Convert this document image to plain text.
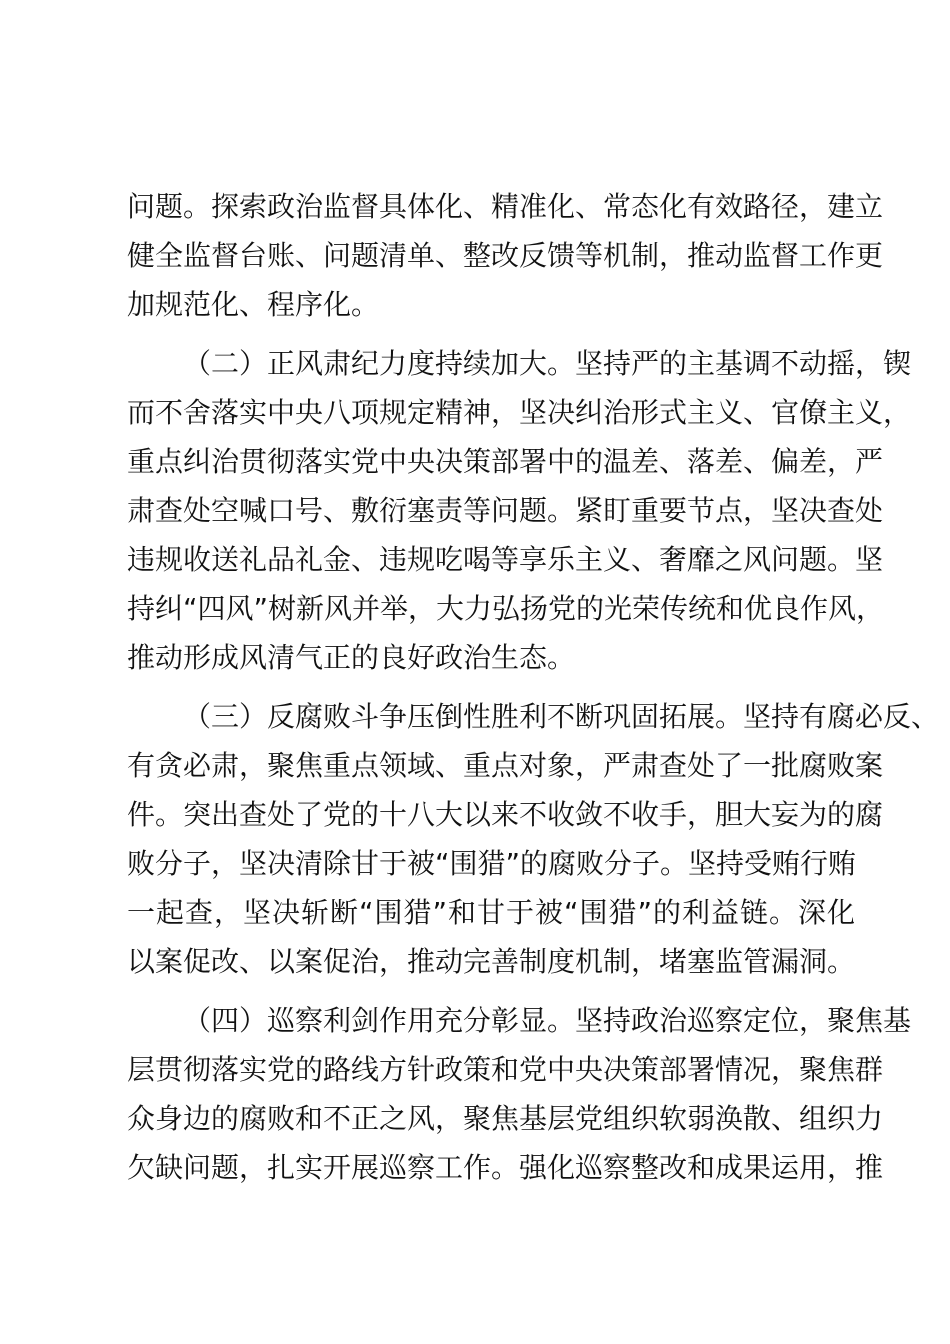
问题。探索政治监督具体化、精准化、常态化有效路径，建立
健全监督台账、问题清单、整改反馈等机制，推动监督工作更
加规范化、程序化。
（二）正风肃纪力度持续加大。坚持严的主基调不动摇，锲
而不舍落实中央八项规定精神，坚决纠治形式主义、官僚主义，
重点纠治贯彻落实党中央决策部署中的温差、落差、偏差，严
肃查处空喊口号、敷衍塞责等问题。紧盯重要节点，坚决查处
违规收送礼品礼金、违规吃喝等享乐主义、奢靡之风问题。坚
持纠“四风”树新风并举，大力弘扬党的光荣传统和优良作风，
推动形成风清气正的良好政治生态。
（三）反腐败斗争压倒性胜利不断巩固拓展。坚持有腐必反、
有贪必肃，聚焦重点领域、重点对象，严肃查处了一批腐败案
件。突出查处了党的十八大以来不收敛不收手，胆大妄为的腐
败分子，坚决清除甘于被“围猎”的腐败分子。坚持受贿行贿
一起查，坚决斩断“围猎”和甘于被“围猎”的利益链。深化
以案促改、以案促治，推动完善制度机制，堵塞监管漏洞。
（四）巡察利剑作用充分彰显。坚持政治巡察定位，聚焦基
层贯彻落实党的路线方针政策和党中央决策部署情况，聚焦群
众身边的腐败和不正之风，聚焦基层党组织软弱涣散、组织力
欠缺问题，扎实开展巡察工作。强化巡察整改和成果运用，推
